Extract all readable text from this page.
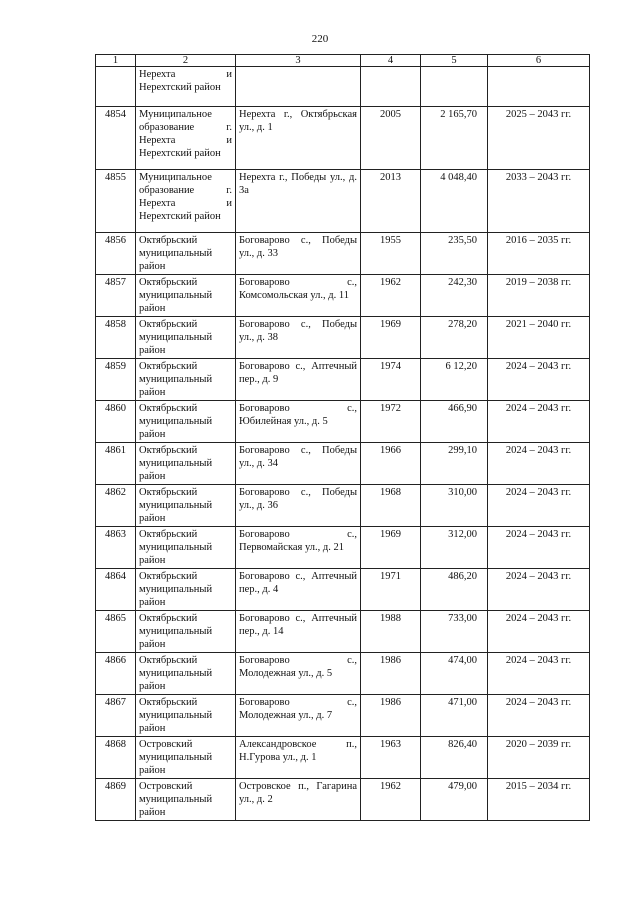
220
1	2	3	4	5	6
	Нерехта и Нерехтский район				
4854	Муниципальное образование г. Нерехта и Нерехтский район	Нерехта г., Октябрьская ул., д. 1	2005	2 165,70	2025 – 2043 гг.
4855	Муниципальное образование г. Нерехта и Нерехтский район	Нерехта г., Победы ул., д. 3а	2013	4 048,40	2033 – 2043 гг.
4856	Октябрьский муниципальный район	Боговарово с., Победы ул., д. 33	1955	235,50	2016 – 2035 гг.
4857	Октябрьский муниципальный район	Боговарово с., Комсомольская ул., д. 11	1962	242,30	2019 – 2038 гг.
4858	Октябрьский муниципальный район	Боговарово с., Победы ул., д. 38	1969	278,20	2021 – 2040 гг.
4859	Октябрьский муниципальный район	Боговарово с., Аптечный пер., д. 9	1974	6 12,20	2024 – 2043 гг.
4860	Октябрьский муниципальный район	Боговарово с., Юбилейная ул., д. 5	1972	466,90	2024 – 2043 гг.
4861	Октябрьский муниципальный район	Боговарово с., Победы ул., д. 34	1966	299,10	2024 – 2043 гг.
4862	Октябрьский муниципальный район	Боговарово с., Победы ул., д. 36	1968	310,00	2024 – 2043 гг.
4863	Октябрьский муниципальный район	Боговарово с., Первомайская ул., д. 21	1969	312,00	2024 – 2043 гг.
4864	Октябрьский муниципальный район	Боговарово с., Аптечный пер., д. 4	1971	486,20	2024 – 2043 гг.
4865	Октябрьский муниципальный район	Боговарово с., Аптечный пер., д. 14	1988	733,00	2024 – 2043 гг.
4866	Октябрьский муниципальный район	Боговарово с., Молодежная ул., д. 5	1986	474,00	2024 – 2043 гг.
4867	Октябрьский муниципальный район	Боговарово с., Молодежная ул., д. 7	1986	471,00	2024 – 2043 гг.
4868	Островский муниципальный район	Александровское п., Н.Гурова ул., д. 1	1963	826,40	2020 – 2039 гг.
4869	Островский муниципальный район	Островское п., Гагарина ул., д. 2	1962	479,00	2015 – 2034 гг.
